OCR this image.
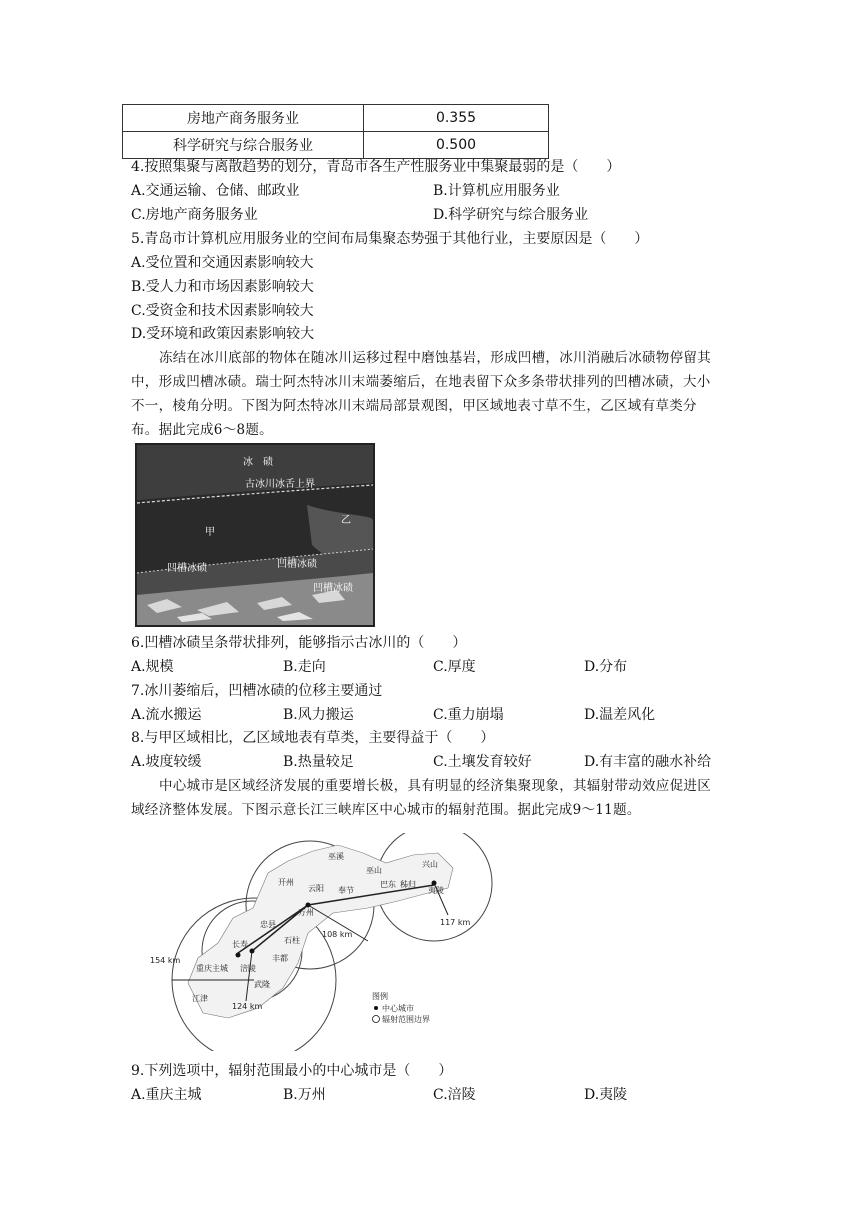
房地产商务服务业	0.355
科学研究与综合服务业	0.500
4.按照集聚与离散趋势的划分，青岛市各生产性服务业中集聚最弱的是（　　）
A.交通运输、仓储、邮政业	B.计算机应用服务业
C.房地产商务服务业	D.科学研究与综合服务业
5.青岛市计算机应用服务业的空间布局集聚态势强于其他行业，主要原因是（　　）
A.受位置和交通因素影响较大
B.受人力和市场因素影响较大
C.受资金和技术因素影响较大
D.受环境和政策因素影响较大
冻结在冰川底部的物体在随冰川运移过程中磨蚀基岩，形成凹槽，冰川消融后冰碛物停留其中，形成凹槽冰碛。瑞士阿杰特冰川末端萎缩后，在地表留下众多条带状排列的凹槽冰碛，大小不一，棱角分明。下图为阿杰特冰川末端局部景观图，甲区域地表寸草不生，乙区域有草类分布。据此完成6～8题。
冰　碛
古冰川冰舌上界
甲
乙
凹槽冰碛	凹槽冰碛
凹槽冰碛
6.凹槽冰碛呈条带状排列，能够指示古冰川的（　　）
A.规模	B.走向	C.厚度	D.分布
7.冰川萎缩后，凹槽冰碛的位移主要通过
A.流水搬运	B.风力搬运	C.重力崩塌	D.温差风化
8.与甲区域相比，乙区域地表有草类，主要得益于（　　）
A.坡度较缓	B.热量较足	C.土壤发育较好	D.有丰富的融水补给
中心城市是区域经济发展的重要增长极，具有明显的经济集聚现象，其辐射带动效应促进区域经济整体发展。下图示意长江三峡库区中心城市的辐射范围。据此完成9～11题。
开州
云阳
巫溪
巫山
奉节
万州
忠县
石柱
长寿
丰都
重庆主城 涪陵
武隆
江津
巴东 秭归
兴山
夷陵
154 km
108 km
124 km
117 km
图例
中心城市
辐射范围边界
9.下列选项中，辐射范围最小的中心城市是（　　）
A.重庆主城	B.万州	C.涪陵	D.夷陵
